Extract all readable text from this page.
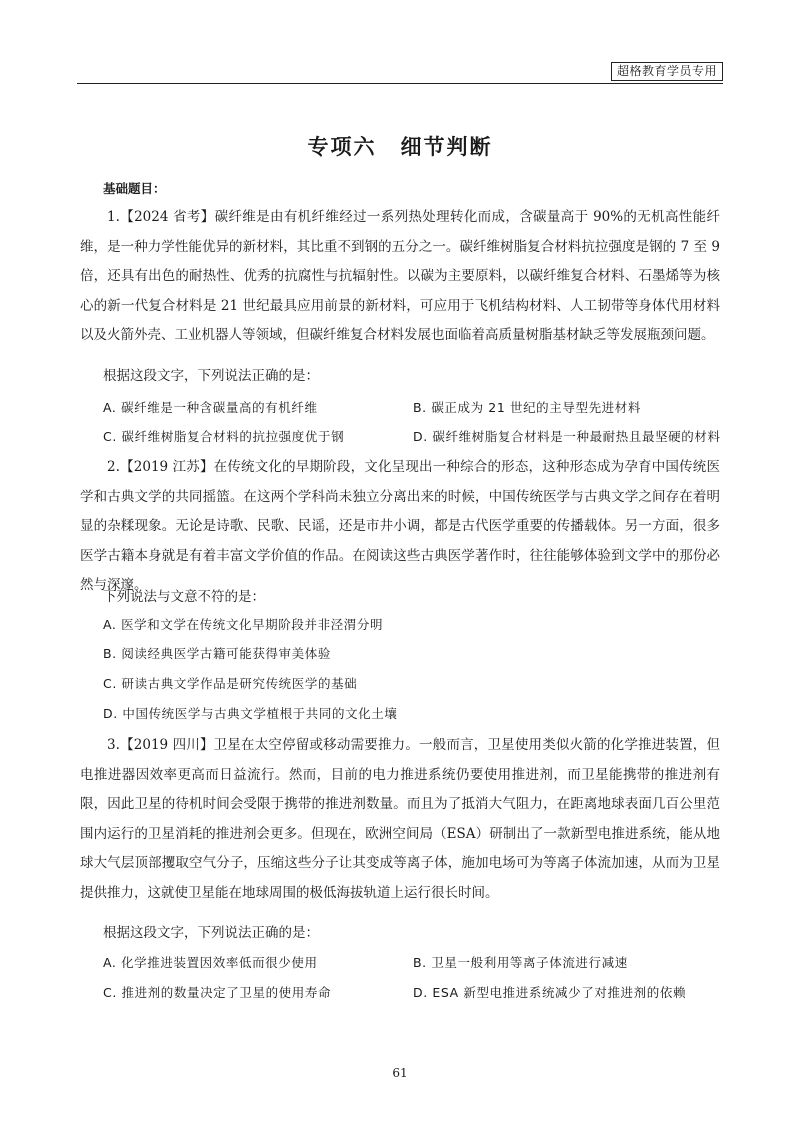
超格教育学员专用
专项六 细节判断
基础题目：

1.【2024 省考】碳纤维是由有机纤维经过一系列热处理转化而成，含碳量高于 90%的无机高性能纤维，是一种力学性能优异的新材料，其比重不到钢的五分之一。碳纤维树脂复合材料抗拉强度是钢的 7 至 9 倍，还具有出色的耐热性、优秀的抗腐性与抗辐射性。以碳为主要原料，以碳纤维复合材料、石墨烯等为核心的新一代复合材料是 21 世纪最具应用前景的新材料，可应用于飞机结构材料、人工韧带等身体代用材料以及火箭外壳、工业机器人等领域，但碳纤维复合材料发展也面临着高质量树脂基材缺乏等发展瓶颈问题。

根据这段文字，下列说法正确的是：
A. 碳纤维是一种含碳量高的有机纤维	B. 碳正成为 21 世纪的主导型先进材料
C. 碳纤维树脂复合材料的抗拉强度优于钢	D. 碳纤维树脂复合材料是一种最耐热且最坚硬的材料

2.【2019 江苏】在传统文化的早期阶段，文化呈现出一种综合的形态，这种形态成为孕育中国传统医学和古典文学的共同摇篮。在这两个学科尚未独立分离出来的时候，中国传统医学与古典文学之间存在着明显的杂糅现象。无论是诗歌、民歌、民谣，还是市井小调，都是古代医学重要的传播载体。另一方面，很多医学古籍本身就是有着丰富文学价值的作品。在阅读这些古典医学著作时，往往能够体验到文学中的那份必然与深邃。

下列说法与文意不符的是：
A. 医学和文学在传统文化早期阶段并非泾渭分明
B. 阅读经典医学古籍可能获得审美体验
C. 研读古典文学作品是研究传统医学的基础
D. 中国传统医学与古典文学植根于共同的文化土壤

3.【2019 四川】卫星在太空停留或移动需要推力。一般而言，卫星使用类似火箭的化学推进装置，但电推进器因效率更高而日益流行。然而，目前的电力推进系统仍要使用推进剂，而卫星能携带的推进剂有限，因此卫星的待机时间会受限于携带的推进剂数量。而且为了抵消大气阻力，在距离地球表面几百公里范围内运行的卫星消耗的推进剂会更多。但现在，欧洲空间局（ESA）研制出了一款新型电推进系统，能从地球大气层顶部攫取空气分子，压缩这些分子让其变成等离子体，施加电场可为等离子体流加速，从而为卫星提供推力，这就使卫星能在地球周围的极低海拔轨道上运行很长时间。

根据这段文字，下列说法正确的是：
A. 化学推进装置因效率低而很少使用	B. 卫星一般利用等离子体流进行减速
C. 推进剂的数量决定了卫星的使用寿命	D. ESA 新型电推进系统减少了对推进剂的依赖
61
